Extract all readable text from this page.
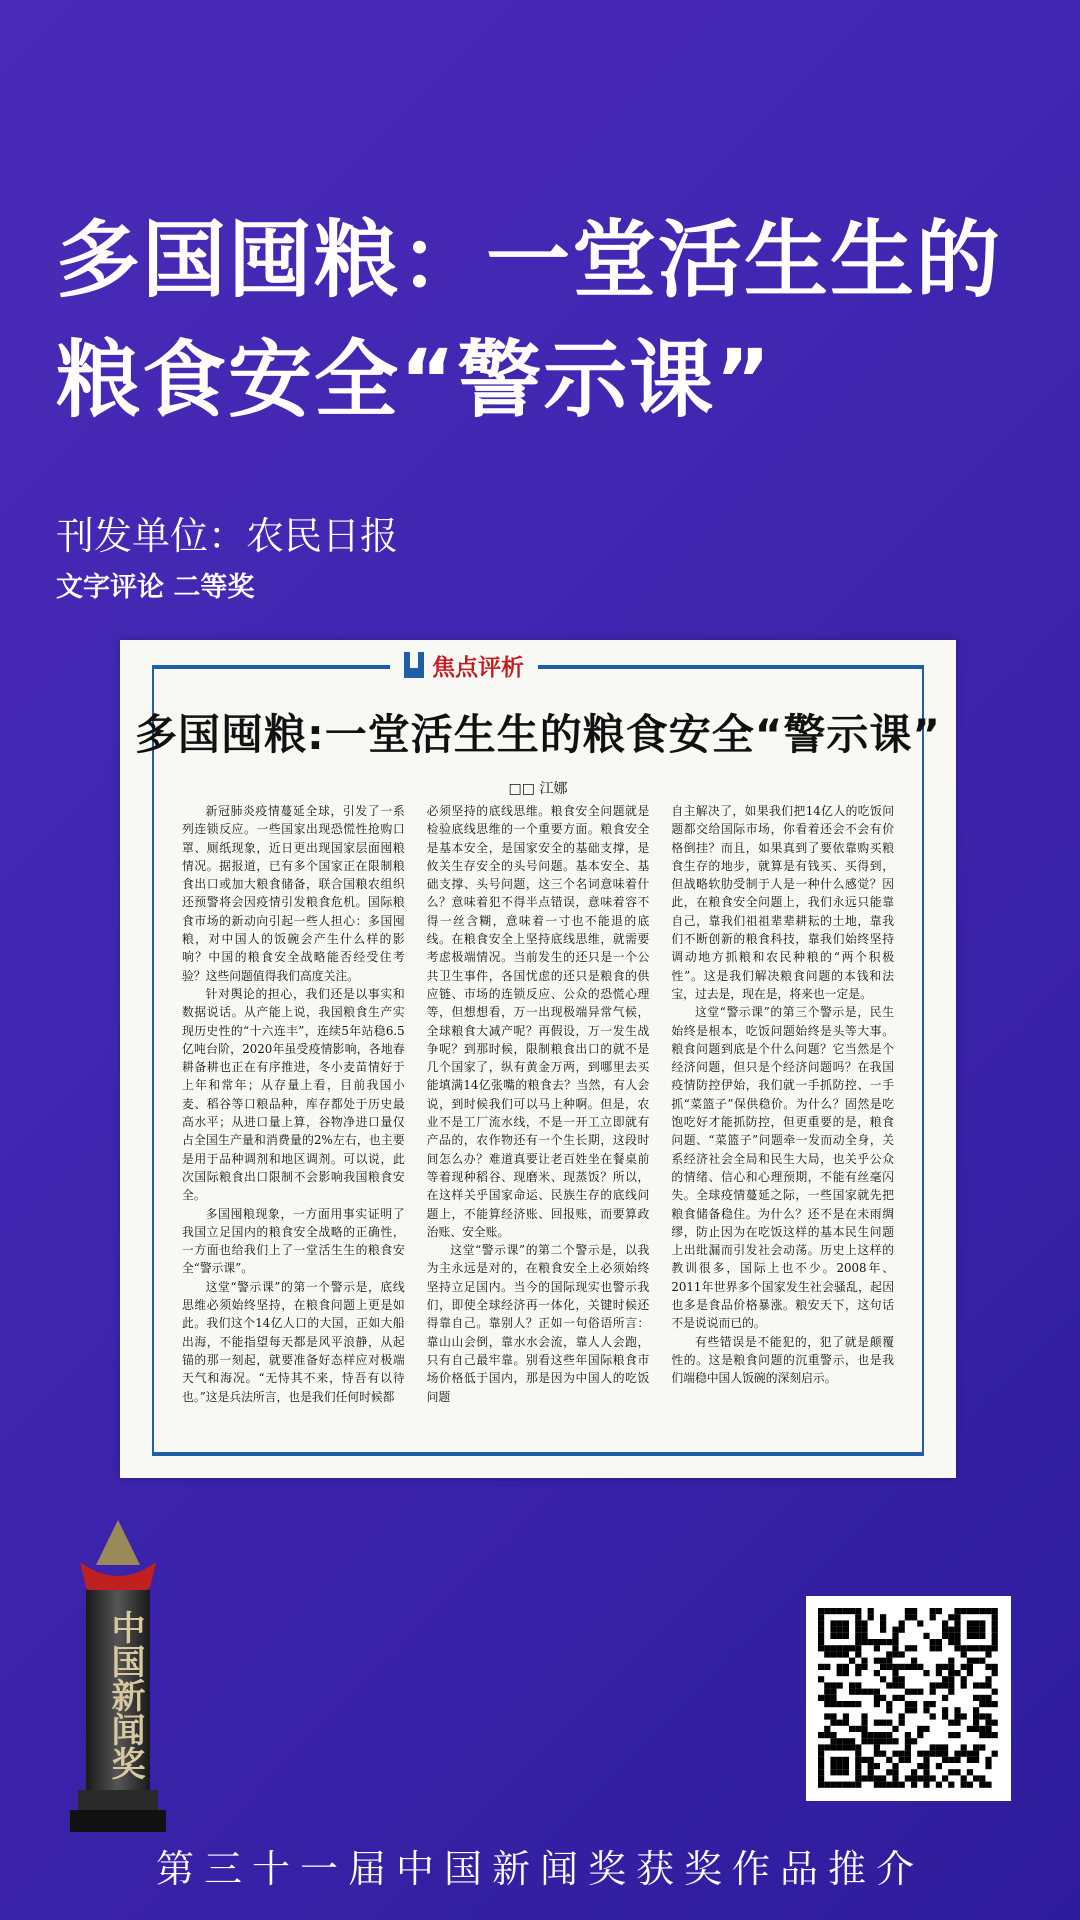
多国囤粮：一堂活生生的
粮食安全“警示课”
刊发单位：农民日报
文字评论 二等奖
焦点评析
多国囤粮:一堂活生生的粮食安全“警示课”
□□ 江娜

新冠肺炎疫情蔓延全球，引发了一系列连锁反应。一些国家出现恐慌性抢购口罩、厕纸现象，近日更出现国家层面囤粮情况。据报道，已有多个国家正在限制粮食出口或加大粮食储备，联合国粮农组织还预警将会因疫情引发粮食危机。国际粮食市场的新动向引起一些人担心：多国囤粮，对中国人的饭碗会产生什么样的影响？中国的粮食安全战略能否经受住考验？这些问题值得我们高度关注。

针对舆论的担心，我们还是以事实和数据说话。从产能上说，我国粮食生产实现历史性的“十六连丰”，连续5年站稳6.5亿吨台阶，2020年虽受疫情影响，各地春耕备耕也正在有序推进，冬小麦苗情好于上年和常年；从存量上看，目前我国小麦、稻谷等口粮品种，库存都处于历史最高水平；从进口量上算，谷物净进口量仅占全国生产量和消费量的2%左右，也主要是用于品种调剂和地区调剂。可以说，此次国际粮食出口限制不会影响我国粮食安全。

多国囤粮现象，一方面用事实证明了我国立足国内的粮食安全战略的正确性，一方面也给我们上了一堂活生生的粮食安全“警示课”。

这堂“警示课”的第一个警示是，底线思维必须始终坚持，在粮食问题上更是如此。我们这个14亿人口的大国，正如大船出海，不能指望每天都是风平浪静，从起锚的那一刻起，就要准备好态样应对极端天气和海况。“无恃其不来，恃吾有以待也。”这是兵法所言，也是我们任何时候都

必须坚持的底线思维。粮食安全问题就是检验底线思维的一个重要方面。粮食安全是基本安全，是国家安全的基础支撑，是攸关生存安全的头号问题。基本安全、基础支撑、头号问题，这三个名词意味着什么？意味着犯不得半点错误，意味着容不得一丝含糊，意味着一寸也不能退的底线。在粮食安全上坚持底线思维，就需要考虑极端情况。当前发生的还只是一个公共卫生事件，各国忧虑的还只是粮食的供应链、市场的连锁反应、公众的恐慌心理等，但想想看，万一出现极端异常气候，全球粮食大减产呢？再假设，万一发生战争呢？到那时候，限制粮食出口的就不是几个国家了，纵有黄金万两，到哪里去买能填满14亿张嘴的粮食去？当然，有人会说，到时候我们可以马上种啊。但是，农业不是工厂流水线，不是一开工立即就有产品的，农作物还有一个生长期，这段时间怎么办？难道真要让老百姓坐在餐桌前等着现种稻谷、现磨米、现蒸饭？所以，在这样关乎国家命运、民族生存的底线问题上，不能算经济账、回报账，而要算政治账、安全账。

这堂“警示课”的第二个警示是，以我为主永远是对的，在粮食安全上必须始终坚持立足国内。当今的国际现实也警示我们，即使全球经济再一体化，关键时候还得靠自己。靠别人？正如一句俗语所言：靠山山会倒，靠水水会流，靠人人会跑，只有自己最牢靠。别看这些年国际粮食市场价格低于国内，那是因为中国人的吃饭问题

自主解决了，如果我们把14亿人的吃饭问题都交给国际市场，你看着还会不会有价格倒挂？而且，如果真到了要依靠购买粮食生存的地步，就算是有钱买、买得到，但战略软肋受制于人是一种什么感觉？因此，在粮食安全问题上，我们永远只能靠自己，靠我们祖祖辈辈耕耘的土地，靠我们不断创新的粮食科技，靠我们始终坚持调动地方抓粮和农民种粮的“两个积极性”。这是我们解决粮食问题的本钱和法宝，过去是，现在是，将来也一定是。

这堂“警示课”的第三个警示是，民生始终是根本，吃饭问题始终是头等大事。粮食问题到底是个什么问题？它当然是个经济问题，但只是个经济问题吗？在我国疫情防控伊始，我们就一手抓防控、一手抓“菜篮子”保供稳价。为什么？固然是吃饱吃好才能抓防控，但更重要的是，粮食问题、“菜篮子”问题牵一发而动全身，关系经济社会全局和民生大局，也关乎公众的情绪、信心和心理预期，不能有丝毫闪失。全球疫情蔓延之际，一些国家就先把粮食储备稳住。为什么？还不是在未雨绸缪，防止因为在吃饭这样的基本民生问题上出纰漏而引发社会动荡。历史上这样的教训很多，国际上也不少。2008年、2011年世界多个国家发生社会骚乱，起因也多是食品价格暴涨。粮安天下，这句话不是说说而已的。

有些错误是不能犯的，犯了就是颠覆性的。这是粮食问题的沉重警示，也是我们端稳中国人饭碗的深刻启示。

中国新闻奖
第三十一届中国新闻奖获奖作品推介
